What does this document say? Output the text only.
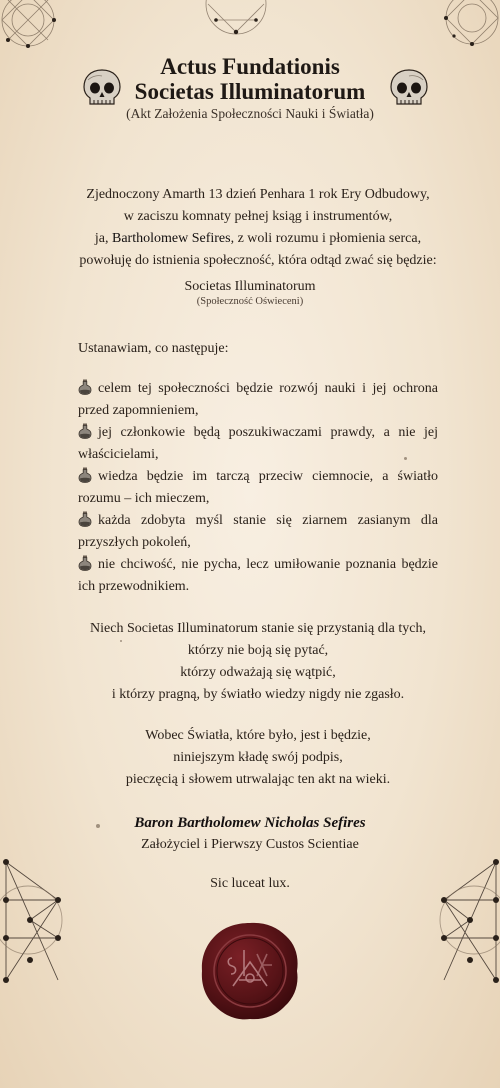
Actus Fundationis
Societas Illuminatorum
(Akt Założenia Społeczności Nauki i Światła)
Zjednoczony Amarth 13 dzień Penhara 1 rok Ery Odbudowy,
w zaciszu komnaty pełnej ksiąg i instrumentów,
ja, Bartholomew Sefires, z woli rozumu i płomienia serca,
powołuję do istnienia społeczność, która odtąd zwać się będzie:
Societas Illuminatorum
(Społeczność Oświeceni)
Ustanawiam, co następuje:

celem tej społeczności będzie rozwój nauki i jej ochrona przed zapomnieniem,

jej członkowie będą poszukiwaczami prawdy, a nie jej właścicielami,

wiedza będzie im tarczą przeciw ciemnocie, a światło rozumu – ich mieczem,

każda zdobyta myśl stanie się ziarnem zasianym dla przyszłych pokoleń,

nie chciwość, nie pycha, lecz umiłowanie poznania będzie ich przewodnikiem.

Niech Societas Illuminatorum stanie się przystanią dla tych,
którzy nie boją się pytać,
którzy odważają się wątpić,
i którzy pragną, by światło wiedzy nigdy nie zgasło.
Wobec Światła, które było, jest i będzie,
niniejszym kładę swój podpis,
pieczęcią i słowem utrwalając ten akt na wieki.
Baron Bartholomew Nicholas Sefires
Założyciel i Pierwszy Custos Scientiae
Sic luceat lux.
